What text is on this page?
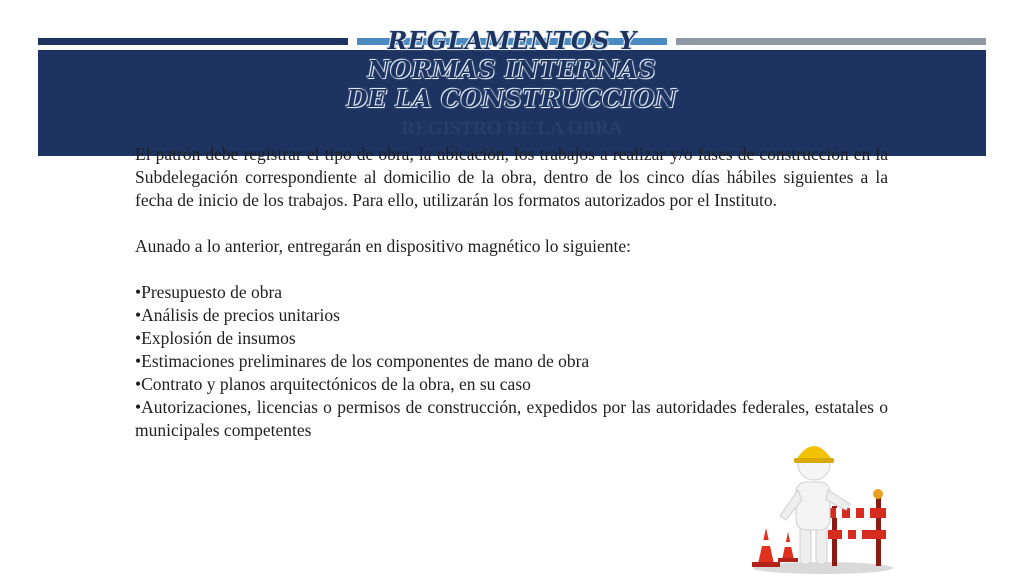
REGLAMENTOS Y
NORMAS INTERNAS
DE LA CONSTRUCCION
REGISTRO DE LA OBRA

El patrón debe registrar el tipo de obra, la ubicación, los trabajos a realizar y/o fases de construcción en la Subdelegación correspondiente al domicilio de la obra, dentro de los cinco días hábiles siguientes a la fecha de inicio de los trabajos. Para ello, utilizarán los formatos autorizados por el Instituto.

Aunado a lo anterior, entregarán en dispositivo magnético lo siguiente:

•Presupuesto de obra
•Análisis de precios unitarios
•Explosión de insumos
•Estimaciones preliminares de los componentes de mano de obra
•Contrato y planos arquitectónicos de la obra, en su caso
•Autorizaciones, licencias o permisos de construcción, expedidos por las autoridades federales, estatales o municipales competentes
